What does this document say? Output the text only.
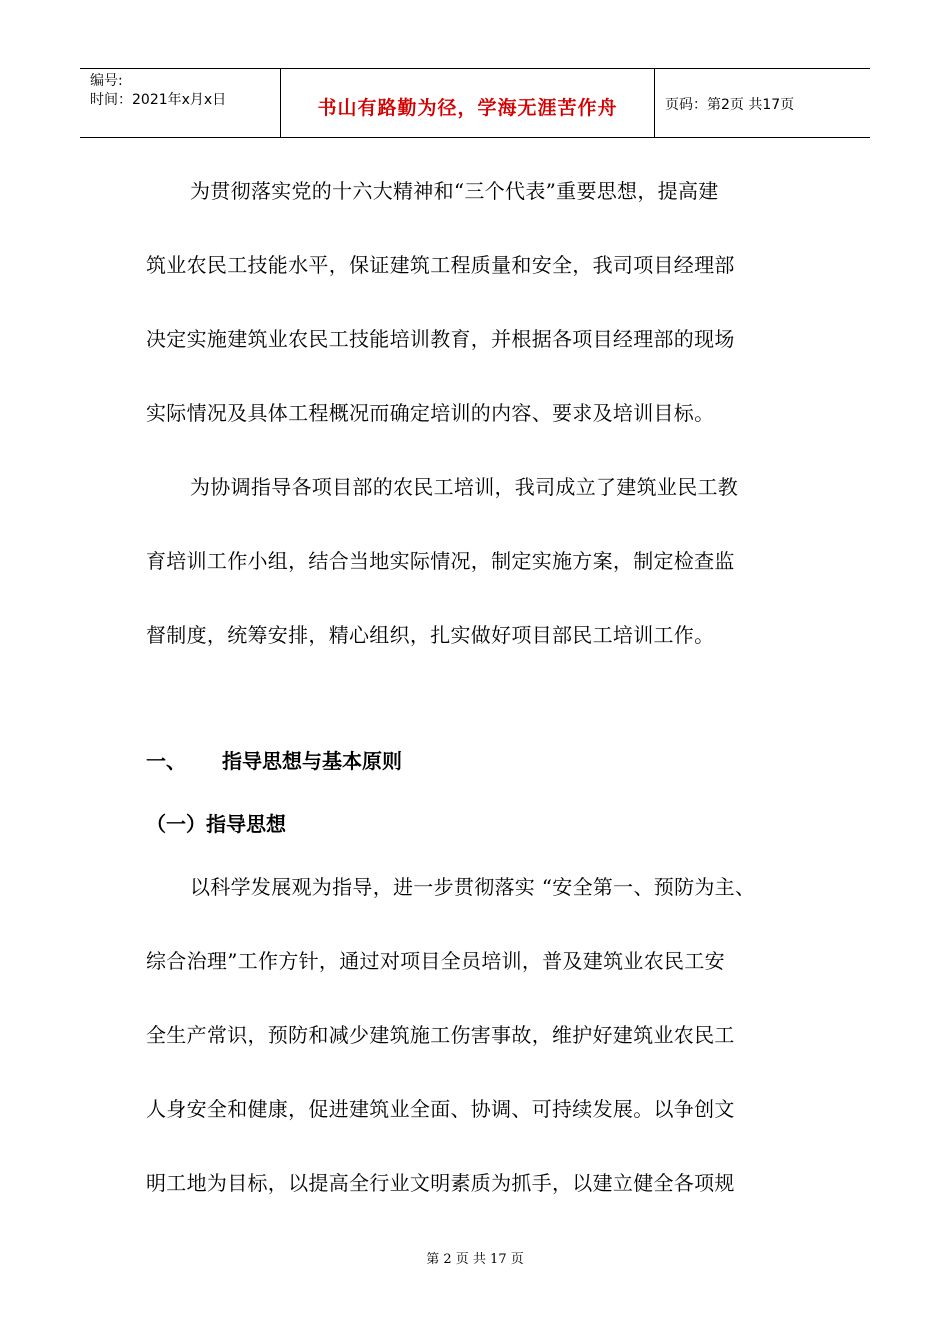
编号:
时间：2021年x月x日	书山有路勤为径，学海无涯苦作舟	页码：第2页 共17页

为贯彻落实党的十六大精神和“三个代表”重要思想，提高建

筑业农民工技能水平，保证建筑工程质量和安全，我司项目经理部

决定实施建筑业农民工技能培训教育，并根据各项目经理部的现场

实际情况及具体工程概况而确定培训的内容、要求及培训目标。

为协调指导各项目部的农民工培训，我司成立了建筑业民工教

育培训工作小组，结合当地实际情况，制定实施方案，制定检查监

督制度，统筹安排，精心组织，扎实做好项目部民工培训工作。

一、 指导思想与基本原则
（一）指导思想

以科学发展观为指导，进一步贯彻落实 “安全第一、预防为主、

综合治理”工作方针，通过对项目全员培训，普及建筑业农民工安

全生产常识，预防和减少建筑施工伤害事故，维护好建筑业农民工

人身安全和健康，促进建筑业全面、协调、可持续发展。以争创文

明工地为目标，以提高全行业文明素质为抓手，以建立健全各项规

第 2 页 共 17 页
